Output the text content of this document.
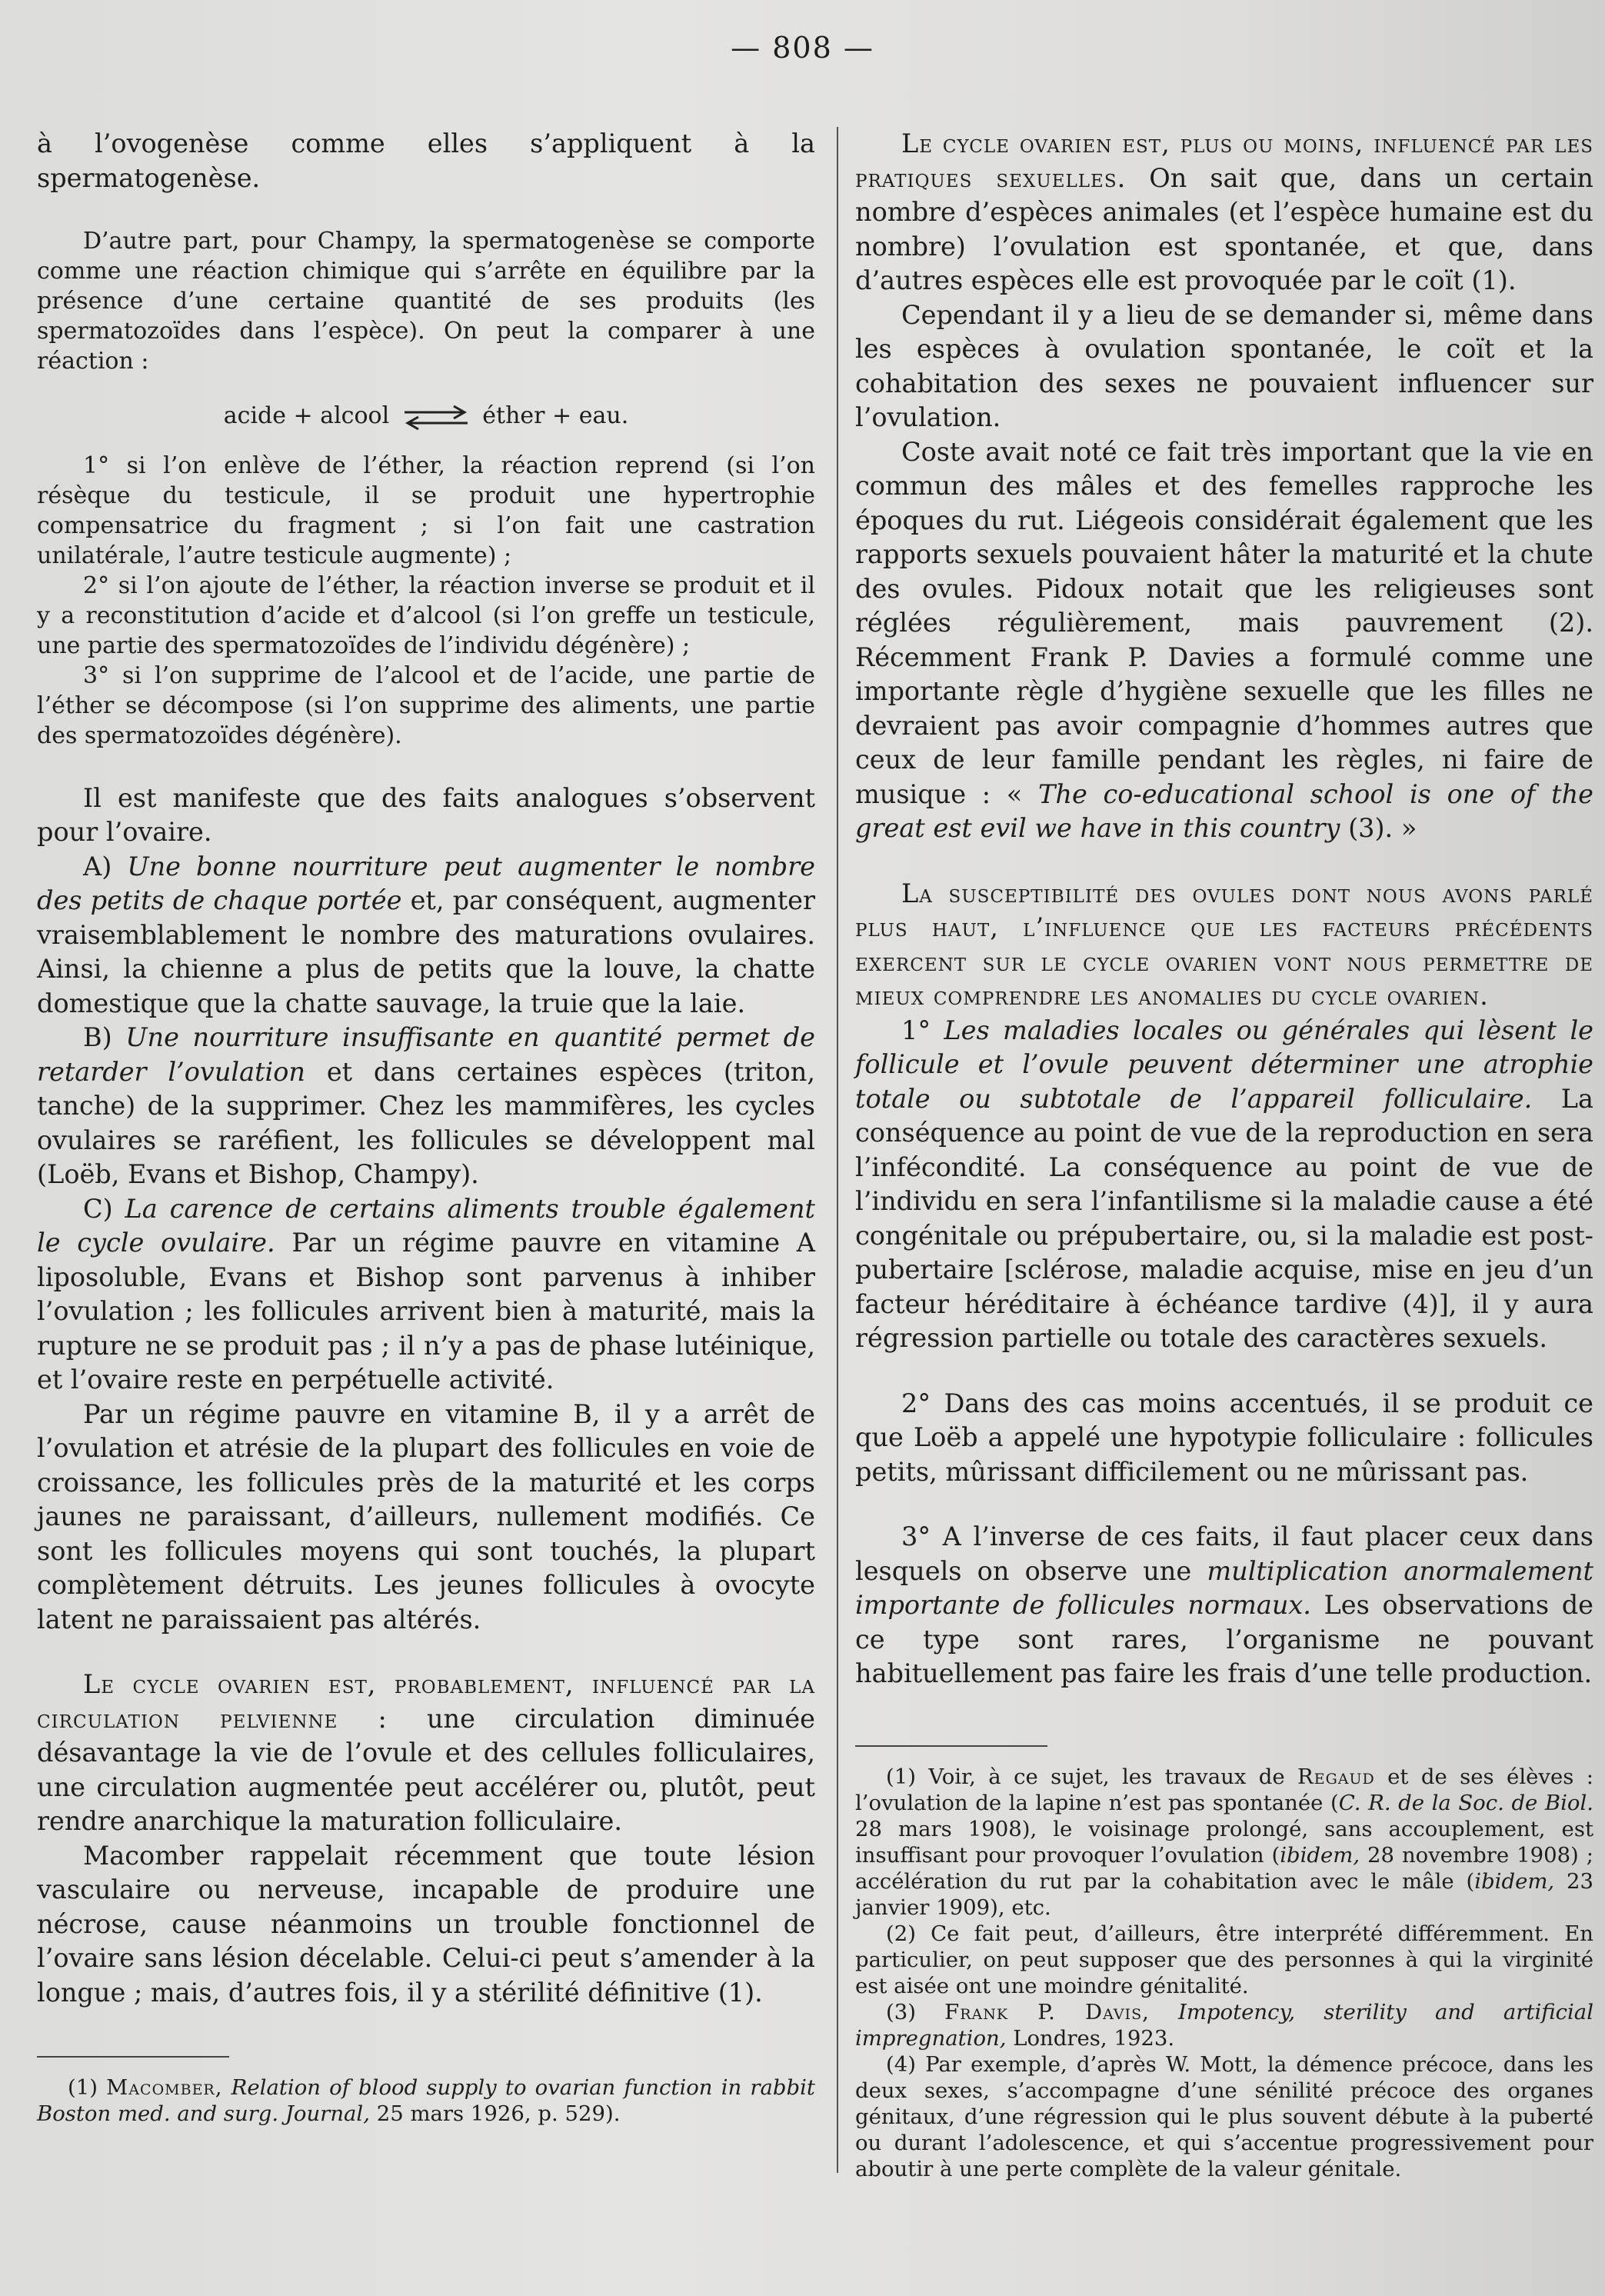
— 808 —

à l’ovogenèse comme elles s’appliquent à la spermatogenèse.

D’autre part, pour Champy, la spermatogenèse se comporte comme une réaction chimique qui s’arrête en équilibre par la présence d’une certaine quantité de ses produits (les spermatozoïdes dans l’espèce). On peut la comparer à une réaction :

acide + alcool ⇌ éther + eau.

1° si l’on enlève de l’éther, la réaction reprend (si l’on résèque du testicule, il se produit une hypertrophie compensatrice du fragment ; si l’on fait une castration unilatérale, l’autre testicule augmente) ;

2° si l’on ajoute de l’éther, la réaction inverse se produit et il y a reconstitution d’acide et d’alcool (si l’on greffe un testicule, une partie des spermatozoïdes de l’individu dégénère) ;

3° si l’on supprime de l’alcool et de l’acide, une partie de l’éther se décompose (si l’on supprime des aliments, une partie des spermatozoïdes dégénère).

Il est manifeste que des faits analogues s’observent pour l’ovaire.

A) Une bonne nourriture peut augmenter le nombre des petits de chaque portée et, par conséquent, augmenter vraisemblablement le nombre des maturations ovulaires. Ainsi, la chienne a plus de petits que la louve, la chatte domestique que la chatte sauvage, la truie que la laie.

B) Une nourriture insuffisante en quantité permet de retarder l’ovulation et dans certaines espèces (triton, tanche) de la supprimer. Chez les mammifères, les cycles ovulaires se raréfient, les follicules se développent mal (Loëb, Evans et Bishop, Champy).

C) La carence de certains aliments trouble également le cycle ovulaire. Par un régime pauvre en vitamine A liposoluble, Evans et Bishop sont parvenus à inhiber l’ovulation ; les follicules arrivent bien à maturité, mais la rupture ne se produit pas ; il n’y a pas de phase lutéinique, et l’ovaire reste en perpétuelle activité.

Par un régime pauvre en vitamine B, il y a arrêt de l’ovulation et atrésie de la plupart des follicules en voie de croissance, les follicules près de la maturité et les corps jaunes ne paraissant, d’ailleurs, nullement modifiés. Ce sont les follicules moyens qui sont touchés, la plupart complètement détruits. Les jeunes follicules à ovocyte latent ne paraissaient pas altérés.

Le cycle ovarien est, probablement, influencé par la circulation pelvienne : une circulation diminuée désavantage la vie de l’ovule et des cellules folliculaires, une circulation augmentée peut accélérer ou, plutôt, peut rendre anarchique la maturation folliculaire.

Macomber rappelait récemment que toute lésion vasculaire ou nerveuse, incapable de produire une nécrose, cause néanmoins un trouble fonctionnel de l’ovaire sans lésion décelable. Celui-ci peut s’amender à la longue ; mais, d’autres fois, il y a stérilité définitive (1).

(1) Macomber, Relation of blood supply to ovarian function in rabbit Boston med. and surg. Journal, 25 mars 1926, p. 529).

Le cycle ovarien est, plus ou moins, influencé par les pratiques sexuelles. On sait que, dans un certain nombre d’espèces animales (et l’espèce humaine est du nombre) l’ovulation est spontanée, et que, dans d’autres espèces elle est provoquée par le coït (1).

Cependant il y a lieu de se demander si, même dans les espèces à ovulation spontanée, le coït et la cohabitation des sexes ne pouvaient influencer sur l’ovulation.

Coste avait noté ce fait très important que la vie en commun des mâles et des femelles rapproche les époques du rut. Liégeois considérait également que les rapports sexuels pouvaient hâter la maturité et la chute des ovules. Pidoux notait que les religieuses sont réglées régulièrement, mais pauvrement (2). Récemment Frank P. Davies a formulé comme une importante règle d’hygiène sexuelle que les filles ne devraient pas avoir compagnie d’hommes autres que ceux de leur famille pendant les règles, ni faire de musique : « The co-educational school is one of the great est evil we have in this country (3). »

La susceptibilité des ovules dont nous avons parlé plus haut, l’influence que les facteurs précédents exercent sur le cycle ovarien vont nous permettre de mieux comprendre les anomalies du cycle ovarien.

1° Les maladies locales ou générales qui lèsent le follicule et l’ovule peuvent déterminer une atrophie totale ou subtotale de l’appareil folliculaire. La conséquence au point de vue de la reproduction en sera l’infécondité. La conséquence au point de vue de l’individu en sera l’infantilisme si la maladie cause a été congénitale ou prépubertaire, ou, si la maladie est post-pubertaire [sclérose, maladie acquise, mise en jeu d’un facteur héréditaire à échéance tardive (4)], il y aura régression partielle ou totale des caractères sexuels.

2° Dans des cas moins accentués, il se produit ce que Loëb a appelé une hypotypie folliculaire : follicules petits, mûrissant difficilement ou ne mûrissant pas.

3° A l’inverse de ces faits, il faut placer ceux dans lesquels on observe une multiplication anormalement importante de follicules normaux. Les observations de ce type sont rares, l’organisme ne pouvant habituellement pas faire les frais d’une telle production.

(1) Voir, à ce sujet, les travaux de Regaud et de ses élèves : l’ovulation de la lapine n’est pas spontanée (C. R. de la Soc. de Biol. 28 mars 1908), le voisinage prolongé, sans accouplement, est insuffisant pour provoquer l’ovulation (ibidem, 28 novembre 1908) ; accélération du rut par la cohabitation avec le mâle (ibidem, 23 janvier 1909), etc.

(2) Ce fait peut, d’ailleurs, être interprété différemment. En particulier, on peut supposer que des personnes à qui la virginité est aisée ont une moindre génitalité.

(3) Frank P. Davis, Impotency, sterility and artificial impregnation, Londres, 1923.

(4) Par exemple, d’après W. Mott, la démence précoce, dans les deux sexes, s’accompagne d’une sénilité précoce des organes génitaux, d’une régression qui le plus souvent débute à la puberté ou durant l’adolescence, et qui s’accentue progressivement pour aboutir à une perte complète de la valeur génitale.
